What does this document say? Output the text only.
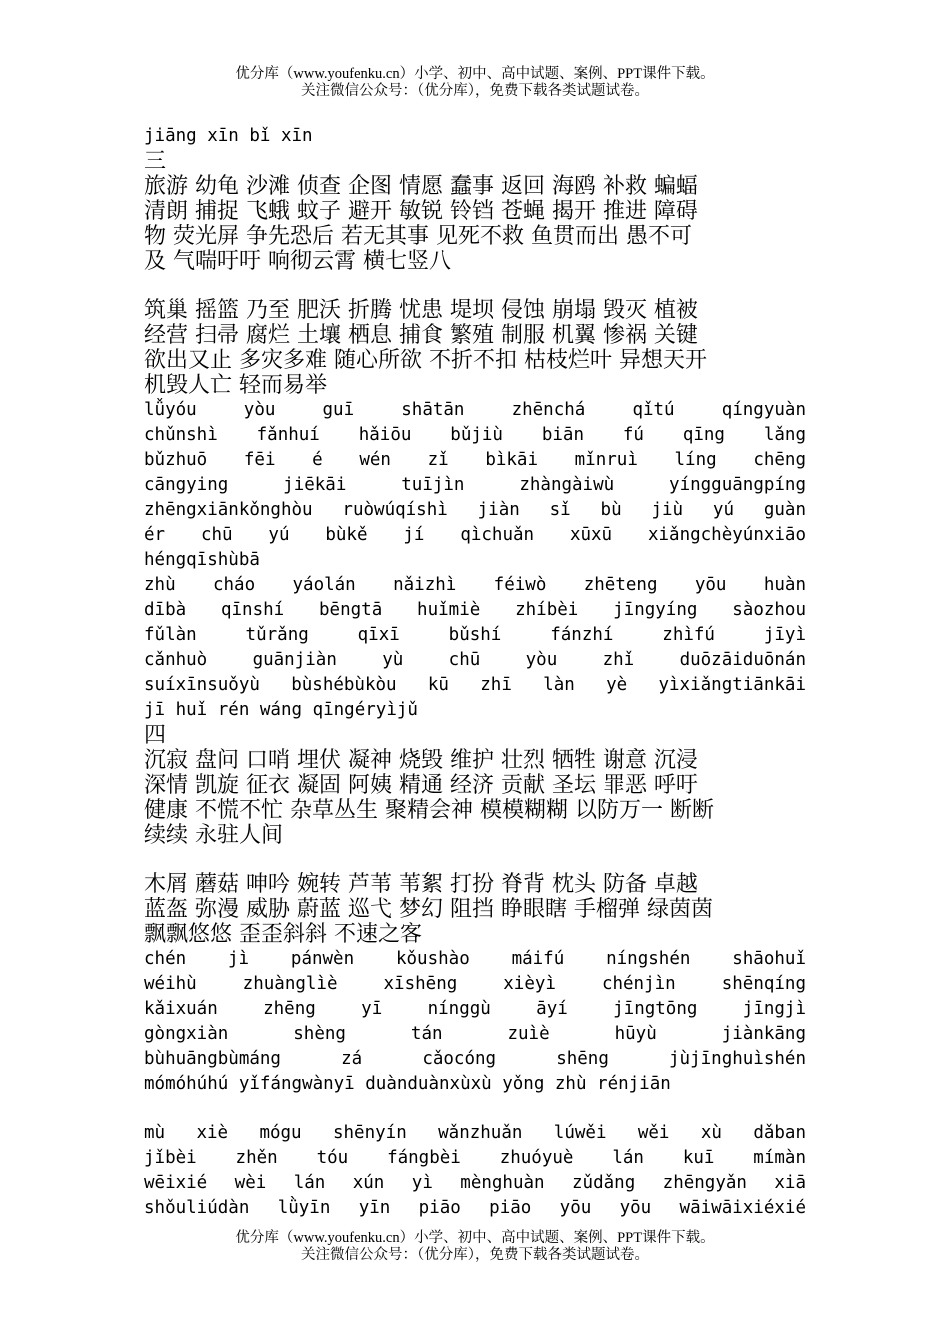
优分库（www.youfenku.cn）小学、初中、高中试题、案例、PPT课件下载。
关注微信公众号：（优分库），免费下载各类试题试卷。
jiāng xīn bǐ xīn
三
旅游 幼龟 沙滩 侦查 企图 情愿 蠢事 返回 海鸥 补救 蝙蝠
清朗 捕捉 飞蛾 蚊子 避开 敏锐 铃铛 苍蝇 揭开 推进 障碍
物 荧光屏 争先恐后 若无其事 见死不救 鱼贯而出 愚不可
及 气喘吁吁 响彻云霄 横七竖八
筑巢 摇篮 乃至 肥沃 折腾 忧患 堤坝 侵蚀 崩塌 毁灭 植被
经营 扫帚 腐烂 土壤 栖息 捕食 繁殖 制服 机翼 惨祸 关键
欲出又止 多灾多难 随心所欲 不折不扣 枯枝烂叶 异想天开
机毁人亡 轻而易举
lǚyóu yòu guī shātān zhēnchá qǐtú qíngyuàn
chǔnshì fǎnhuí hǎiōu bǔjiù biān fú qīng lǎng
bǔzhuō fēi é wén zǐ bìkāi mǐnruì líng chēng
cāngying jiēkāi tuījìn zhàngàiwù yíngguāngpíng
zhēngxiānkǒnghòu ruòwúqíshì jiàn sǐ bù jiù yú guàn
ér chū yú bùkě jí qìchuǎn xūxū xiǎngchèyúnxiāo
héngqīshùbā
zhù cháo yáolán nǎizhì féiwò zhēteng yōu huàn
dībà qīnshí bēngtā huǐmiè zhíbèi jīngyíng sàozhou
fǔlàn tǔrǎng qīxī bǔshí fánzhí zhìfú jīyì
cǎnhuò guānjiàn yù chū yòu zhǐ duōzāiduōnán
suíxīnsuǒyù bùshébùkòu kū zhī làn yè yìxiǎngtiānkāi
jī huǐ rén wáng qīngéryìjǔ
四
沉寂 盘问 口哨 埋伏 凝神 烧毁 维护 壮烈 牺牲 谢意 沉浸
深情 凯旋 征衣 凝固 阿姨 精通 经济 贡献 圣坛 罪恶 呼吁
健康 不慌不忙 杂草丛生 聚精会神 模模糊糊 以防万一 断断
续续 永驻人间
木屑 蘑菇 呻吟 婉转 芦苇 苇絮 打扮 脊背 枕头 防备 卓越
蓝盔 弥漫 威胁 蔚蓝 巡弋 梦幻 阻挡 睁眼瞎 手榴弹 绿茵茵
飘飘悠悠 歪歪斜斜 不速之客
chén jì pánwèn kǒushào máifú níngshén shāohuǐ
wéihù zhuànglìè xīshēng xièyì chénjìn shēnqíng
kǎixuán zhēng yī nínggù āyí jīngtōng jīngjì
gòngxiàn shèng tán zuìè hūyù jiànkāng
bùhuāngbùmáng zá cǎocóng shēng jùjīnghuìshén
mómóhúhú yǐfángwànyī duànduànxùxù yǒng zhù rénjiān
mù xiè mógu shēnyín wǎnzhuǎn lúwěi wěi xù dǎban
jǐbèi zhěn tóu fángbèi zhuóyuè lán kuī mímàn
wēixié wèi lán xún yì mènghuàn zǔdǎng zhēngyǎn xiā
shǒuliúdàn lǜyīn yīn piāo piāo yōu yōu wāiwāixiéxié
优分库（www.youfenku.cn）小学、初中、高中试题、案例、PPT课件下载。
关注微信公众号：（优分库），免费下载各类试题试卷。
